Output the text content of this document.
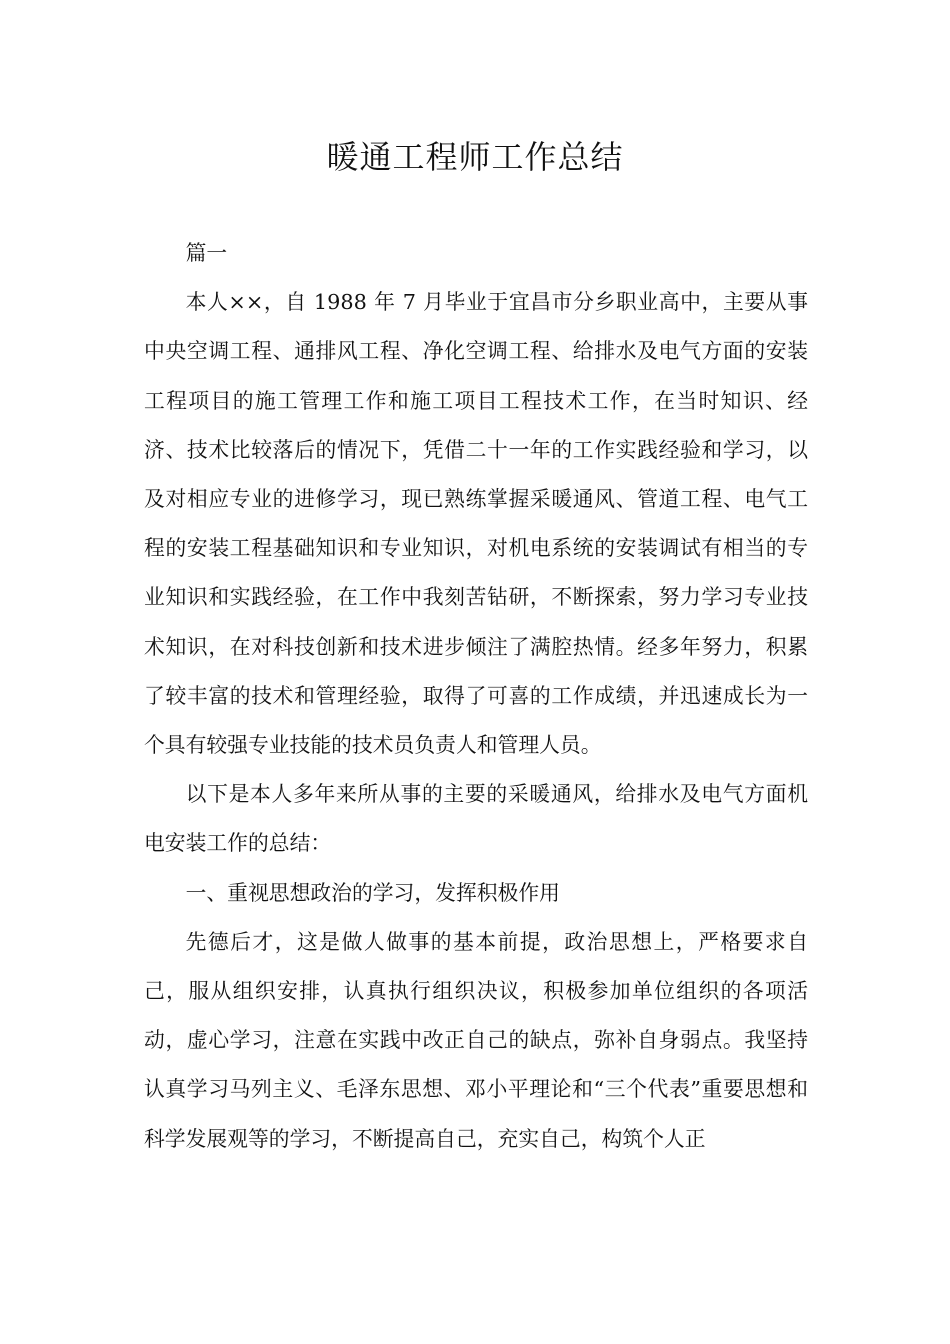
暖通工程师工作总结

篇一

本人××，自 1988 年 7 月毕业于宜昌市分乡职业高中，主要从事中央空调工程、通排风工程、净化空调工程、给排水及电气方面的安装工程项目的施工管理工作和施工项目工程技术工作，在当时知识、经济、技术比较落后的情况下，凭借二十一年的工作实践经验和学习，以及对相应专业的进修学习，现已熟练掌握采暖通风、管道工程、电气工程的安装工程基础知识和专业知识，对机电系统的安装调试有相当的专业知识和实践经验，在工作中我刻苦钻研，不断探索，努力学习专业技术知识，在对科技创新和技术进步倾注了满腔热情。经多年努力，积累了较丰富的技术和管理经验，取得了可喜的工作成绩，并迅速成长为一个具有较强专业技能的技术员负责人和管理人员。

以下是本人多年来所从事的主要的采暖通风，给排水及电气方面机电安装工作的总结：

一、重视思想政治的学习，发挥积极作用

先德后才，这是做人做事的基本前提，政治思想上，严格要求自己，服从组织安排，认真执行组织决议，积极参加单位组织的各项活动，虚心学习，注意在实践中改正自己的缺点，弥补自身弱点。我坚持认真学习马列主义、毛泽东思想、邓小平理论和“三个代表”重要思想和科学发展观等的学习，不断提高自己，充实自己，构筑个人正
